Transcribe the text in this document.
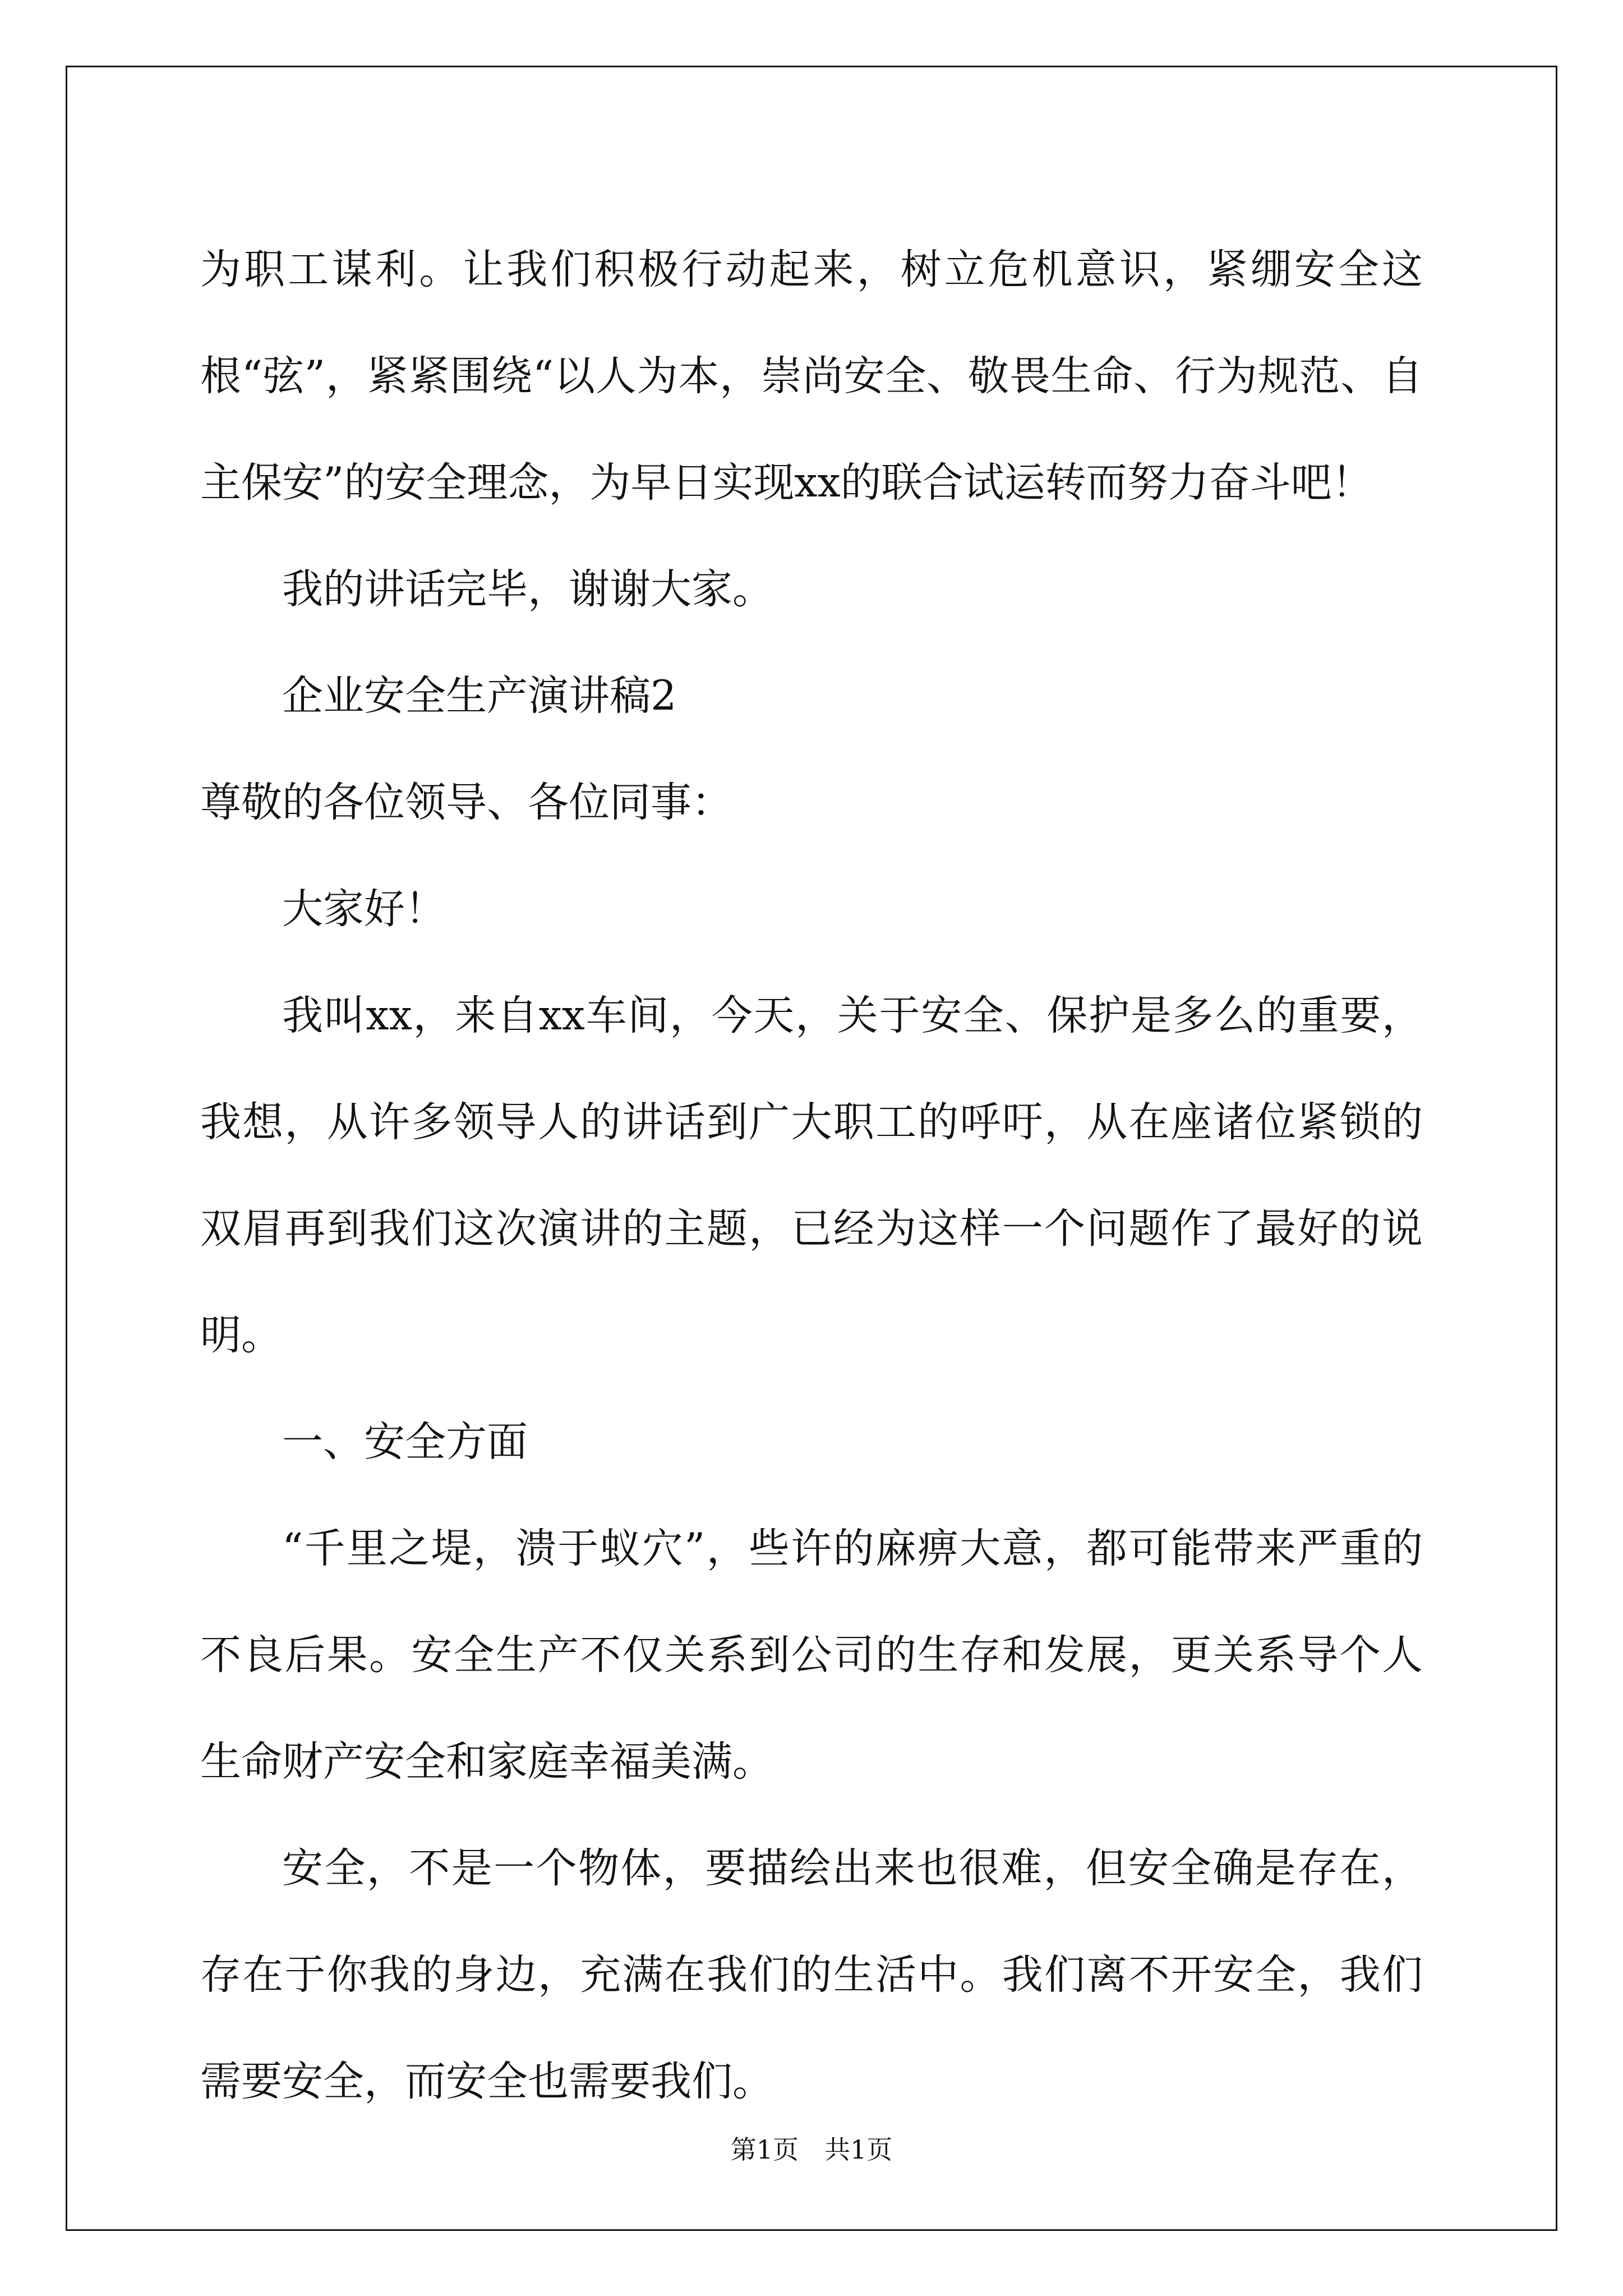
为职工谋利。让我们积极行动起来，树立危机意识，紧绷安全这根“弦”，紧紧围绕“以人为本，崇尚安全、敬畏生命、行为规范、自主保安”的安全理念，为早日实现xx的联合试运转而努力奋斗吧！

我的讲话完毕，谢谢大家。

企业安全生产演讲稿2

尊敬的各位领导、各位同事：

大家好！

我叫xx，来自xx车间，今天，关于安全、保护是多么的重要，我想，从许多领导人的讲话到广大职工的呼吁，从在座诸位紧锁的双眉再到我们这次演讲的主题，已经为这样一个问题作了最好的说明。

一、安全方面

“千里之堤，溃于蚁穴”，些许的麻痹大意，都可能带来严重的不良后果。安全生产不仅关系到公司的生存和发展，更关系导个人生命财产安全和家庭幸福美满。

安全，不是一个物体，要描绘出来也很难，但安全确是存在，存在于你我的身边，充满在我们的生活中。我们离不开安全，我们需要安全，而安全也需要我们。

第1页　共1页
